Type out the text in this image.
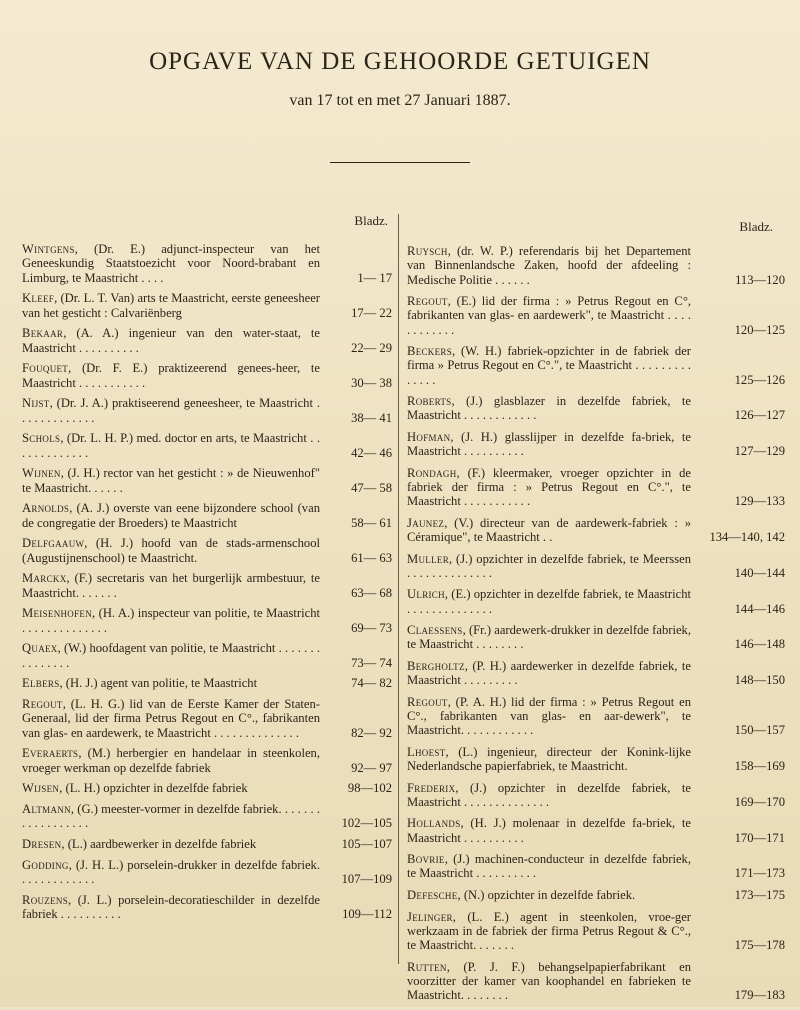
OPGAVE VAN DE GEHOORDE GETUIGEN
van 17 tot en met 27 Januari 1887.
Bladz.
Wintgens, (Dr. E.) adjunct-inspecteur van het Geneeskundig Staatstoezicht voor Noord-brabant en Limburg, te Maastricht . . . .	1— 17
Kleef, (Dr. L. T. Van) arts te Maastricht, eerste geneesheer van het gesticht : Calvariënberg	17— 22
Bekaar, (A. A.) ingenieur van den water-staat, te Maastricht . . . . . . . . . .	22— 29
Fouquet, (Dr. F. E.) praktizeerend genees-heer, te Maastricht . . . . . . . . . . .	30— 38
Nijst, (Dr. J. A.) praktiseerend geneesheer, te Maastricht . . . . . . . . . . . . .	38— 41
Schols, (Dr. L. H. P.) med. doctor en arts, te Maastricht . . . . . . . . . . . . .	42— 46
Wijnen, (J. H.) rector van het gesticht : » de Nieuwenhof" te Maastricht. . . . . .	47— 58
Arnolds, (A. J.) overste van eene bijzondere school (van de congregatie der Broeders) te Maastricht	58— 61
Delfgaauw, (H. J.) hoofd van de stads-armenschool (Augustijnenschool) te Maastricht.	61— 63
Marckx, (F.) secretaris van het burgerlijk armbestuur, te Maastricht. . . . . . .	63— 68
Meisenhofen, (H. A.) inspecteur van politie, te Maastricht . . . . . . . . . . . . . .	69— 73
Quaex, (W.) hoofdagent van politie, te Maastricht . . . . . . . . . . . . . . .	73— 74
Elbers, (H. J.) agent van politie, te Maastricht	74— 82
Regout, (L. H. G.) lid van de Eerste Kamer der Staten-Generaal, lid der firma Petrus Regout en C°., fabrikanten van glas- en aardewerk, te Maastricht . . . . . . . . . . . . . .	82— 92
Everaerts, (M.) herbergier en handelaar in steenkolen, vroeger werkman op dezelfde fabriek	92— 97
Wijsen, (L. H.) opzichter in dezelfde fabriek	98—102
Altmann, (G.) meester-vormer in dezelfde fabriek. . . . . . . . . . . . . . . . . .	102—105
Dresen, (L.) aardbewerker in dezelfde fabriek	105—107
Godding, (J. H. L.) porselein-drukker in dezelfde fabriek. . . . . . . . . . . . .	107—109
Rouzens, (J. L.) porselein-decoratieschilder in dezelfde fabriek . . . . . . . . . .	109—112
Bladz.
Ruysch, (dr. W. P.) referendaris bij het Departement van Binnenlandsche Zaken, hoofd der afdeeling : Medische Politie . . . . . .	113—120
Regout, (E.) lid der firma : » Petrus Regout en C°, fabrikanten van glas- en aardewerk", te Maastricht . . . . . . . . . . . .	120—125
Beckers, (W. H.) fabriek-opzichter in de fabriek der firma » Petrus Regout en C°.", te Maastricht . . . . . . . . . . . . . .	125—126
Roberts, (J.) glasblazer in dezelfde fabriek, te Maastricht . . . . . . . . . . . .	126—127
Hofman, (J. H.) glasslijper in dezelfde fa-briek, te Maastricht . . . . . . . . . .	127—129
Rondagh, (F.) kleermaker, vroeger opzichter in de fabriek der firma : » Petrus Regout en C°.", te Maastricht . . . . . . . . . . .	129—133
Jaunez, (V.) directeur van de aardewerk-fabriek : » Céramique", te Maastricht . .	134—140, 142
Muller, (J.) opzichter in dezelfde fabriek, te Meerssen . . . . . . . . . . . . . .	140—144
Ulrich, (E.) opzichter in dezelfde fabriek, te Maastricht . . . . . . . . . . . . . .	144—146
Claessens, (Fr.) aardewerk-drukker in dezelfde fabriek, te Maastricht . . . . . . . .	146—148
Bergholtz, (P. H.) aardewerker in dezelfde fabriek, te Maastricht . . . . . . . . .	148—150
Regout, (P. A. H.) lid der firma : » Petrus Regout en C°., fabrikanten van glas- en aar-dewerk", te Maastricht. . . . . . . . . . . .	150—157
Lhoest, (L.) ingenieur, directeur der Konink-lijke Nederlandsche papierfabriek, te Maastricht.	158—169
Frederix, (J.) opzichter in dezelfde fabriek, te Maastricht . . . . . . . . . . . . . .	169—170
Hollands, (H. J.) molenaar in dezelfde fa-briek, te Maastricht . . . . . . . . . .	170—171
Bovrie, (J.) machinen-conducteur in dezelfde fabriek, te Maastricht . . . . . . . . . .	171—173
Defesche, (N.) opzichter in dezelfde fabriek.	173—175
Jelinger, (L. E.) agent in steenkolen, vroe-ger werkzaam in de fabriek der firma Petrus Regout & C°., te Maastricht. . . . . . .	175—178
Rutten, (P. J. F.) behangselpapierfabrikant en voorzitter der kamer van koophandel en fabrieken te Maastricht. . . . . . . .	179—183
